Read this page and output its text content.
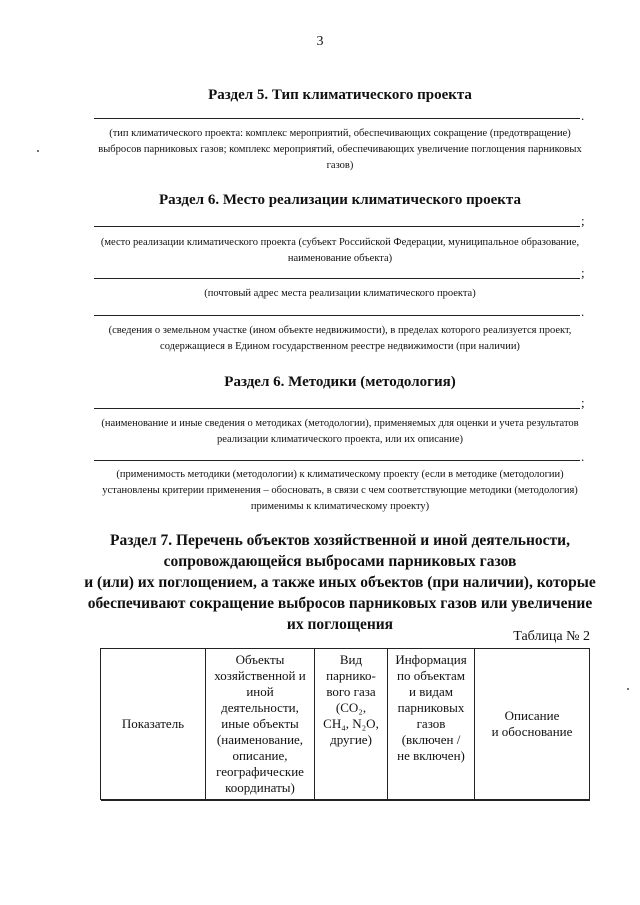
3
Раздел 5. Тип климатического проекта
.
(тип климатического проекта: комплекс мероприятий, обеспечивающих сокращение (предотвращение)
выбросов парниковых газов; комплекс мероприятий, обеспечивающих увеличение поглощения парниковых
газов)
Раздел 6. Место реализации климатического проекта
;
(место реализации климатического проекта (субъект Российской Федерации, муниципальное образование,
наименование объекта)
;
(почтовый адрес места реализации климатического проекта)
.
(сведения о земельном участке (ином объекте недвижимости), в пределах которого реализуется проект,
содержащиеся в Едином государственном реестре недвижимости (при наличии)
Раздел 6. Методики (методология)
;
(наименование и иные сведения о методиках (методологии), применяемых для оценки и учета результатов
реализации климатического проекта, или их описание)
.
(применимость методики (методологии) к климатическому проекту (если в методике (методологии)
установлены критерии применения – обосновать, в связи с чем соответствующие методики (методология)
применимы к климатическому проекту)
Раздел 7. Перечень объектов хозяйственной и иной деятельности,
сопровождающейся выбросами парниковых газов
и (или) их поглощением, а также иных объектов (при наличии), которые
обеспечивают сокращение выбросов парниковых газов или увеличение
их поглощения
Таблица № 2
Показатель

Объекты
хозяйственной и
иной
деятельности,
иные объекты
(наименование,
описание,
географические
координаты)

Вид
парнико-
вого газа
(CO₂,
CH₄, N₂O,
другие)

Информация
по объектам
и видам
парниковых
газов
(включен /
не включен)

Описание
и обоснование
